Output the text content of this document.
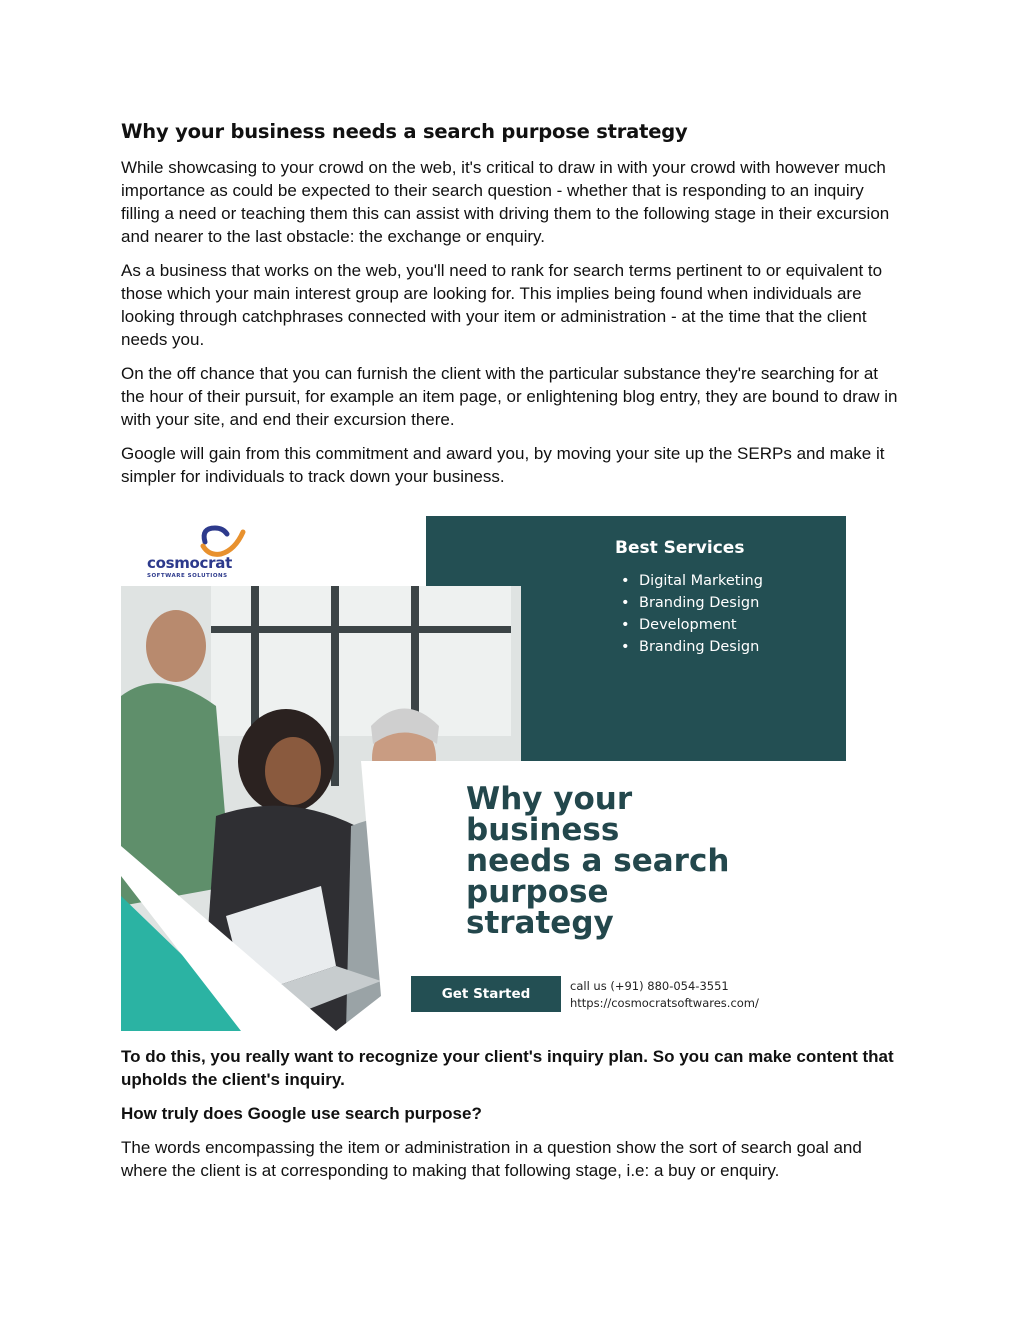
Why your business needs a search purpose strategy

While showcasing to your crowd on the web, it's critical to draw in with your crowd with however much importance as could be expected to their search question - whether that is responding to an inquiry filling a need or teaching them this can assist with driving them to the following stage in their excursion and nearer to the last obstacle: the exchange or enquiry.

As a business that works on the web, you'll need to rank for search terms pertinent to or equivalent to those which your main interest group are looking for. This implies being found when individuals are looking through catchphrases connected with your item or administration - at the time that the client needs you.

On the off chance that you can furnish the client with the particular substance they're searching for at the hour of their pursuit, for example an item page, or enlightening blog entry, they are bound to draw in with your site, and end their excursion there.

Google will gain from this commitment and award you, by moving your site up the SERPs and make it simpler for individuals to track down your business.

cosmocrat
SOFTWARE SOLUTIONS
Best Services
• Digital Marketing
• Branding Design
• Development
• Branding Design
Why your
business
needs a search
purpose
strategy
Get Started	call us (+91) 880-054-3551
https://cosmocratsoftwares.com/

To do this, you really want to recognize your client's inquiry plan. So you can make content that upholds the client's inquiry.

How truly does Google use search purpose?

The words encompassing the item or administration in a question show the sort of search goal and where the client is at corresponding to making that following stage, i.e: a buy or enquiry.
